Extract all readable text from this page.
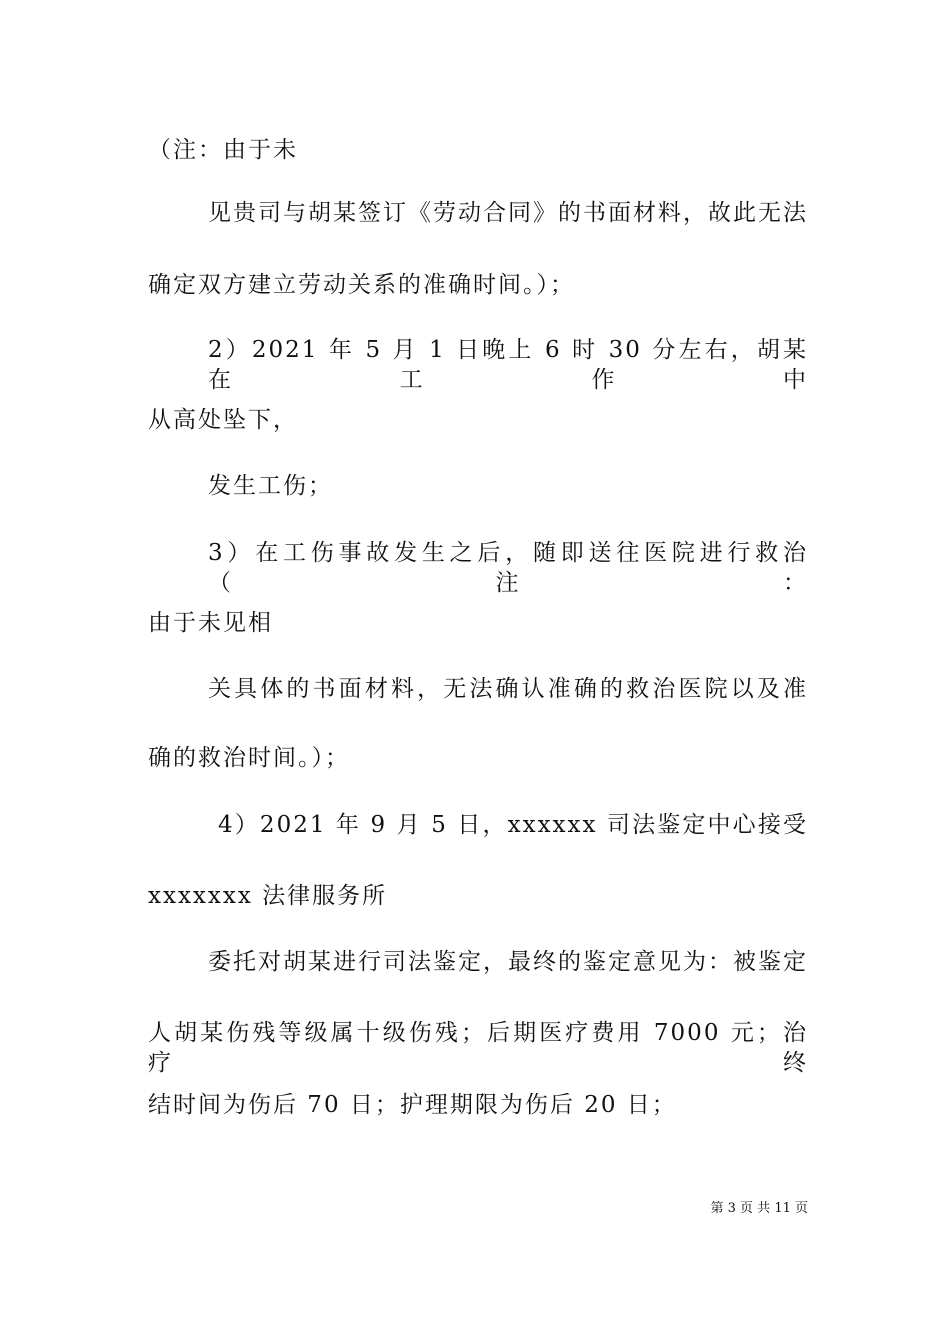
（注：由于未
见贵司与胡某签订《劳动合同》的书面材料，故此无法
确定双方建立劳动关系的准确时间。）；
2）2021 年 5 月 1 日晚上 6 时 30 分左右，胡某在工作中
从高处坠下，
发生工伤；
3）在工伤事故发生之后，随即送往医院进行救治（注：
由于未见相
关具体的书面材料，无法确认准确的救治医院以及准
确的救治时间。）；
4）2021 年 9 月 5 日，xxxxxx 司法鉴定中心接受
xxxxxxx 法律服务所
委托对胡某进行司法鉴定，最终的鉴定意见为：被鉴定
人胡某伤残等级属十级伤残；后期医疗费用 7000 元；治疗终
结时间为伤后 70 日；护理期限为伤后 20 日；
第 3 页 共 11 页
